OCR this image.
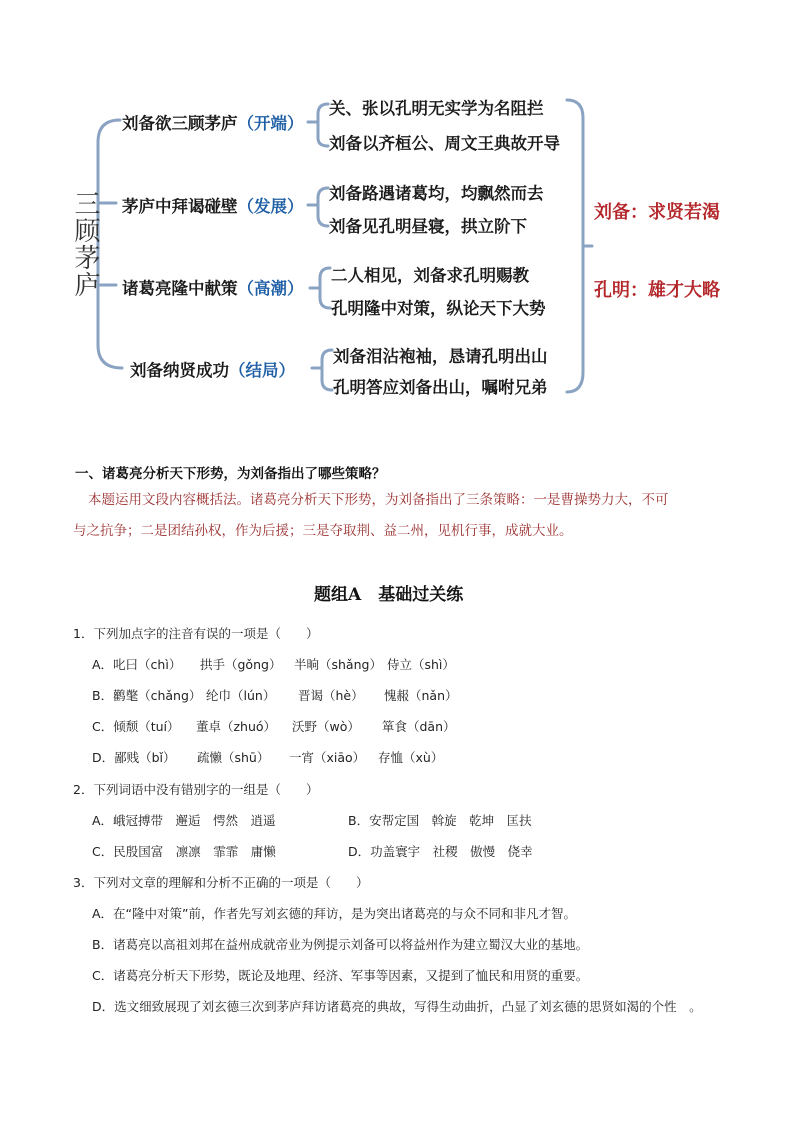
三顾茅庐
刘备欲三顾茅庐（开端）
茅庐中拜谒碰壁（发展）
诸葛亮隆中献策（高潮）
刘备纳贤成功（结局）
关、张以孔明无实学为名阻拦
刘备以齐桓公、周文王典故开导
刘备路遇诸葛均，均飘然而去
刘备见孔明昼寝，拱立阶下
二人相见，刘备求孔明赐教
孔明隆中对策，纵论天下大势
刘备泪沾袍袖，恳请孔明出山
孔明答应刘备出山，嘱咐兄弟
刘备：求贤若渴
孔明：雄才大略
一、诸葛亮分析天下形势，为刘备指出了哪些策略？
本题运用文段内容概括法。诸葛亮分析天下形势，为刘备指出了三条策略：一是曹操势力大，不可
与之抗争；二是团结孙权，作为后援；三是夺取荆、益二州，见机行事，成就大业。
题组A　基础过关练
1．下列加点字的注音有误的一项是（　　）
A．叱曰（chì） 拱手（gǒng） 半晌（shǎng） 侍立（shì）
B．鹳氅（chǎng） 纶巾（lún） 晋谒（hè） 愧赧（nǎn）
C．倾颓（tuí） 董卓（zhuó） 沃野（wò） 箪食（dān）
D．鄙贱（bǐ） 疏懒（shū） 一宵（xiāo） 存恤（xù）
2．下列词语中没有错别字的一组是（　　）
A．峨冠搏带　邂逅　愕然　逍遥	B．安帮定国　斡旋　乾坤　匡扶
C．民殷国富　凛凛　霏霏　庸懒	D．功盖寰宇　社稷　傲慢　侥幸
3．下列对文章的理解和分析不正确的一项是（　　）
A．在“隆中对策”前，作者先写刘玄德的拜访，是为突出诸葛亮的与众不同和非凡才智。
B．诸葛亮以高祖刘邦在益州成就帝业为例提示刘备可以将益州作为建立蜀汉大业的基地。
C．诸葛亮分析天下形势，既论及地理、经济、军事等因素，又提到了恤民和用贤的重要。
D．选文细致展现了刘玄德三次到茅庐拜访诸葛亮的典故，写得生动曲折，凸显了刘玄德的思贤如渴的个性　。
